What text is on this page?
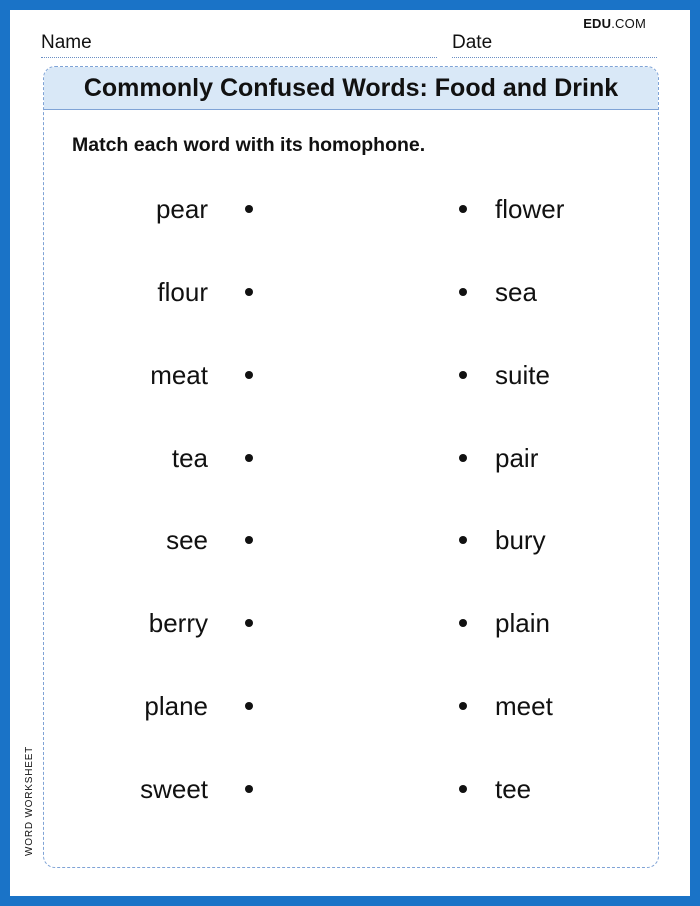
EDU.COM
Name	Date
Commonly Confused Words: Food and Drink
Match each word with its homophone.
pear	flower
flour	sea
meat	suite
tea	pair
see	bury
berry	plain
plane	meet
sweet	tee
WORD WORKSHEET
